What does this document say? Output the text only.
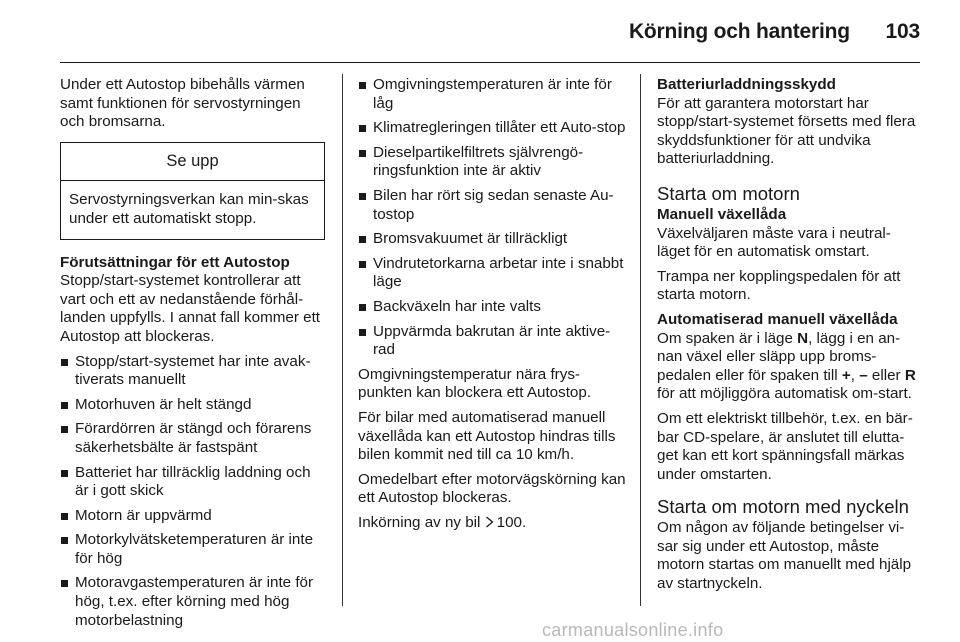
Körning och hantering 103

Under ett Autostop bibehålls värmen samt funktionen för servostyrningen och bromsarna.

Se upp
Servostyrningsverkan kan min-skas under ett automatiskt stopp.
Förutsättningar för ett Autostop

Stopp/start-systemet kontrollerar att vart och ett av nedanstående förhål-landen uppfylls. I annat fall kommer ett Autostop att blockeras.

Stopp/start-systemet har inte avak-tiverats manuellt
Motorhuven är helt stängd
Förardörren är stängd och förarens säkerhetsbälte är fastspänt
Batteriet har tillräcklig laddning och är i gott skick
Motorn är uppvärmd
Motorkylvätsketemperaturen är inte för hög
Motoravgastemperaturen är inte för hög, t.ex. efter körning med hög motorbelastning
Omgivningstemperaturen är inte för låg
Klimatregleringen tillåter ett Auto-stop
Dieselpartikelfiltrets självrengö-ringsfunktion inte är aktiv
Bilen har rört sig sedan senaste Au-tostop
Bromsvakuumet är tillräckligt
Vindrutetorkarna arbetar inte i snabbt läge
Backväxeln har inte valts
Uppvärmda bakrutan är inte aktive-rad

Omgivningstemperatur nära frys-punkten kan blockera ett Autostop.

För bilar med automatiserad manuell växellåda kan ett Autostop hindras tills bilen kommit ned till ca 10 km/h.

Omedelbart efter motorvägskörning kan ett Autostop blockeras.

Inkörning av ny bil 100.

Batteriurladdningsskydd

För att garantera motorstart har stopp/start-systemet försetts med flera skyddsfunktioner för att undvika batteriurladdning.

Starta om motorn
Manuell växellåda

Växelväljaren måste vara i neutral-läget för en automatisk omstart.

Trampa ner kopplingspedalen för att starta motorn.

Automatiserad manuell växellåda

Om spaken är i läge N, lägg i en an-nan växel eller släpp upp broms-pedalen eller för spaken till +, – eller R för att möjliggöra automatisk om-start.

Om ett elektriskt tillbehör, t.ex. en bär-bar CD-spelare, är anslutet till elutta-get kan ett kort spänningsfall märkas under omstarten.

Starta om motorn med nyckeln

Om någon av följande betingelser vi-sar sig under ett Autostop, måste motorn startas om manuellt med hjälp av startnyckeln.

carmanualsonline.info
